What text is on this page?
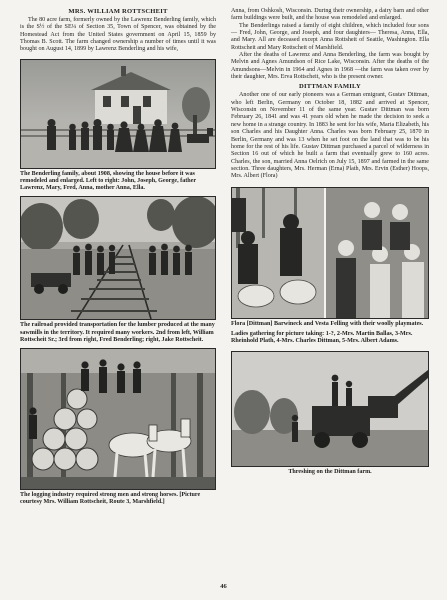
MRS. WILLIAM ROTTSCHEIT

The 80 acre farm, formerly owned by the Lawrenz Benderling family, which is the S½ of the SE¼ of Section 35, Town of Spencer, was obtained by the Homestead Act from the United States government on April 15, 1859 by Thomas B. Scott. The farm changed ownership a number of times until it was bought on August 14, 1899 by Lawrenz Benderling and his wife,

The Benderling family, about 1908, showing the house before it was remodeled and enlarged. Left to right: John, Joseph, George, father Lawrenz, Mary, Fred, Anna, mother Anna, Ella.

The railroad provided transportation for the lumber produced at the many sawmills in the territory. It required many workers. 2nd from left, William Rottscheit Sr.; 3rd from right, Fred Benderling; right, Jake Rottscheit.

The logging industry required strong men and strong horses. [Picture courtesy Mrs. William Rottscheit, Route 3, Marshfield.]

Anna, from Oshkosh, Wisconsin. During their ownership, a dairy barn and other farm buildings were built, and the house was remodeled and enlarged.

The Benderlings raised a family of eight children, which included four sons— Fred, John, George, and Joseph, and four daughters— Theresa, Anna, Ella, and Mary. All are deceased except Anna Rottsheit of Seattle, Washington. Ella Rottscheit and Mary Rottscheit of Marshfield.

After the deaths of Lawrenz and Anna Benderling, the farm was bought by Melvin and Agnes Amundson of Rice Lake, Wisconsin. After the deaths of the Amundsons—Melvin in 1964 and Agnes in 1968 —the farm was taken over by their daughter, Mrs. Erva Rottscheit, who is the present owner.

DITTMAN FAMILY

Another one of our early pioneers was a German emigrant, Gustav Dittman, who left Berlin, Germany on October 18, 1882 and arrived at Spencer, Wisconsin on November 11 of the same year. Gustav Dittman was born February 26, 1841 and was 41 years old when he made the decision to seek a new home in a strange country. In 1883 he sent for his wife, Maria Elizabeth, his son Charles and his Daughter Anna. Charles was born February 25, 1870 in Berlin, Germany and was 13 when he set foot on the land that was to be his home for the rest of his life. Gustav Dittman purchased a parcel of wilderness in Section 16 out of which he built a farm that eventually grew to 160 acres. Charles, the son, married Anna Oelrich on July 15, 1897 and farmed in the same section. Three daughters, Mrs. Herman (Erna) Plath, Mrs. Ervin (Esther) Hoops, Mrs. Albert (Flora)

Flora [Dittman] Barwineck and Vesta Felling with their woolly playmates.

Ladies gathering for picture taking: 1-?, 2-Mrs. Martin Ballas, 3-Mrs. Rheinhold Plath, 4-Mrs. Charles Dittman, 5-Mrs. Albert Adams.

Threshing on the Dittman farm.

46
